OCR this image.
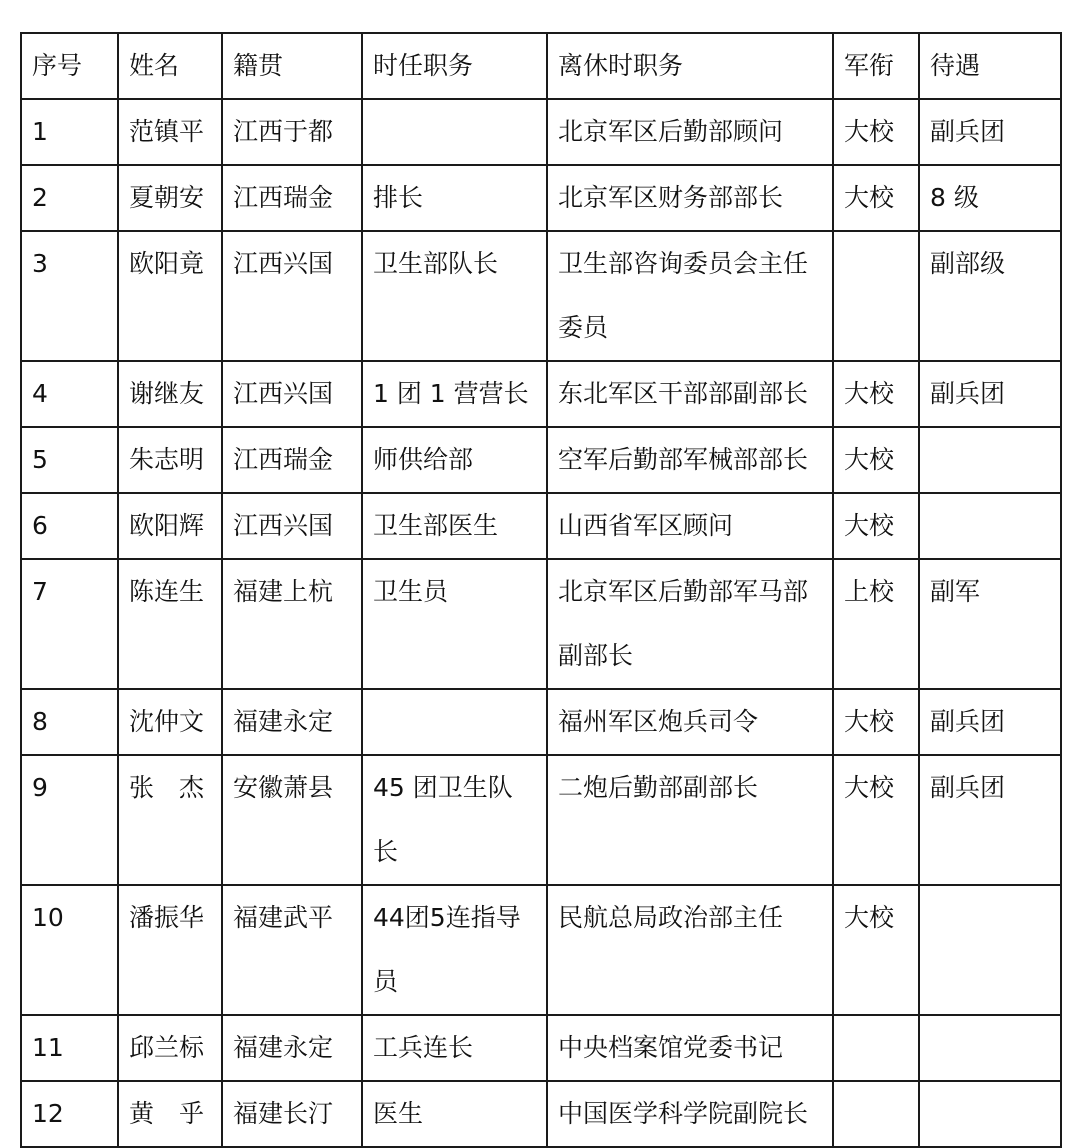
序号	姓名	籍贯	时任职务	离休时职务	军衔	待遇
1	范镇平	江西于都		北京军区后勤部顾问	大校	副兵团
2	夏朝安	江西瑞金	排长	北京军区财务部部长	大校	8 级
3	欧阳竟	江西兴国	卫生部队长	卫生部咨询委员会主任委员		副部级
4	谢继友	江西兴国	1 团 1 营营长	东北军区干部部副部长	大校	副兵团
5	朱志明	江西瑞金	师供给部	空军后勤部军械部部长	大校	
6	欧阳辉	江西兴国	卫生部医生	山西省军区顾问	大校	
7	陈连生	福建上杭	卫生员	北京军区后勤部军马部副部长	上校	副军
8	沈仲文	福建永定		福州军区炮兵司令	大校	副兵团
9	张　杰	安徽萧县	45 团卫生队长	二炮后勤部副部长	大校	副兵团
10	潘振华	福建武平	44团5连指导员	民航总局政治部主任	大校	
11	邱兰标	福建永定	工兵连长	中央档案馆党委书记		
12	黄　乎	福建长汀	医生	中国医学科学院副院长		
